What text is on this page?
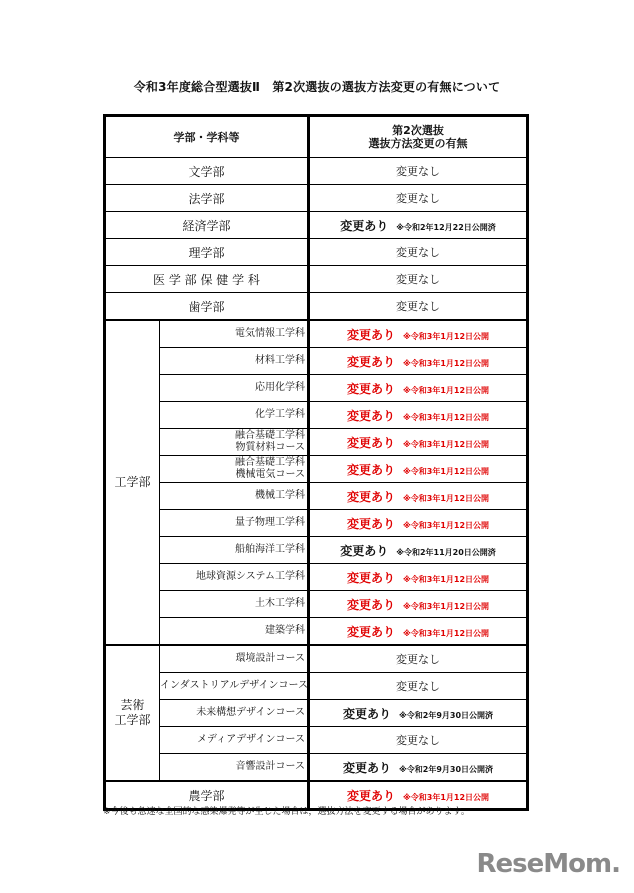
令和3年度総合型選抜Ⅱ　第2次選抜の選抜方法変更の有無について
学部・学科等		第2次選抜
選抜方法変更の有無
文学部		変更なし
法学部		変更なし
経済学部		変更あり ※令和2年12月22日公開済
理学部		変更なし
医 学 部 保 健 学 科		変更なし
歯学部		変更なし
工学部	電気情報工学科	変更あり ※令和3年1月12日公開
	材料工学科	変更あり ※令和3年1月12日公開
	応用化学科	変更あり ※令和3年1月12日公開
	化学工学科	変更あり ※令和3年1月12日公開
	融合基礎工学科
物質材料コース	変更あり ※令和3年1月12日公開
	融合基礎工学科
機械電気コース	変更あり ※令和3年1月12日公開
	機械工学科	変更あり ※令和3年1月12日公開
	量子物理工学科	変更あり ※令和3年1月12日公開
	船舶海洋工学科	変更あり ※令和2年11月20日公開済
	地球資源システム工学科	変更あり ※令和3年1月12日公開
	土木工学科	変更あり ※令和3年1月12日公開
	建築学科	変更あり ※令和3年1月12日公開
芸術
工学部	環境設計コース	変更なし
	インダストリアルデザインコース	変更なし
	未来構想デザインコース	変更あり ※令和2年9月30日公開済
	メディアデザインコース	変更なし
	音響設計コース	変更あり ※令和2年9月30日公開済
農学部		変更あり ※令和3年1月12日公開
※今後も急速な全国的な感染爆発等が生じた場合は，選抜方法を変更する場合があります。
ReseMom.
